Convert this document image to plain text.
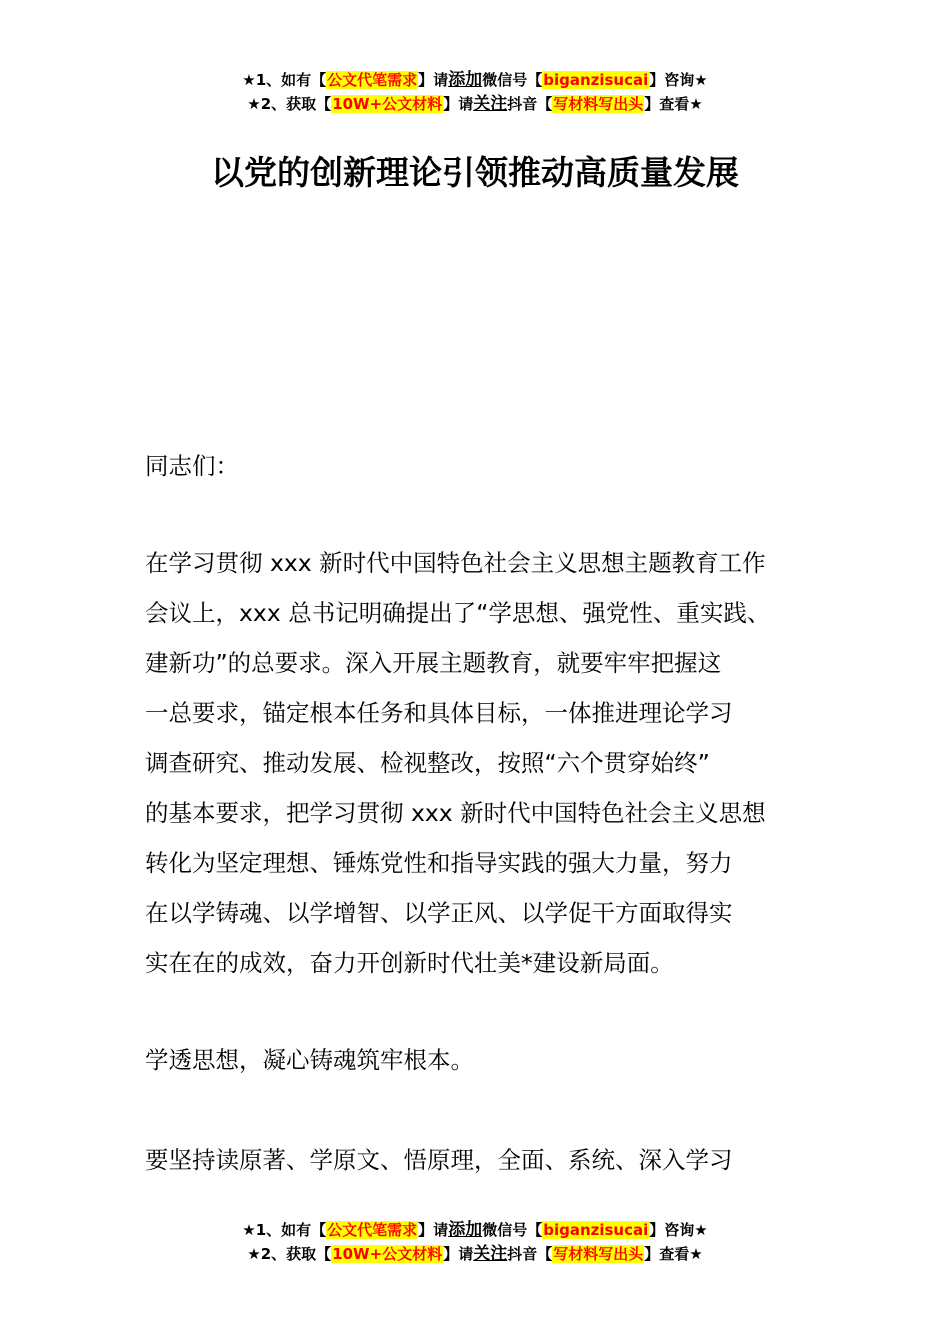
★1、如有【公文代笔需求】请添加微信号【biganzisucai】咨询★
★2、获取【10W+公文材料】请关注抖音【写材料写出头】查看★
以党的创新理论引领推动高质量发展

同志们：

在学习贯彻 xxx 新时代中国特色社会主义思想主题教育工作

会议上，xxx 总书记明确提出了“学思想、强党性、重实践、

建新功”的总要求。深入开展主题教育，就要牢牢把握这

一总要求，锚定根本任务和具体目标，一体推进理论学习

调查研究、推动发展、检视整改，按照“六个贯穿始终”

的基本要求，把学习贯彻 xxx 新时代中国特色社会主义思想

转化为坚定理想、锤炼党性和指导实践的强大力量，努力

在以学铸魂、以学增智、以学正风、以学促干方面取得实

实在在的成效，奋力开创新时代壮美*建设新局面。

学透思想，凝心铸魂筑牢根本。

要坚持读原著、学原文、悟原理，全面、系统、深入学习

★1、如有【公文代笔需求】请添加微信号【biganzisucai】咨询★
★2、获取【10W+公文材料】请关注抖音【写材料写出头】查看★
